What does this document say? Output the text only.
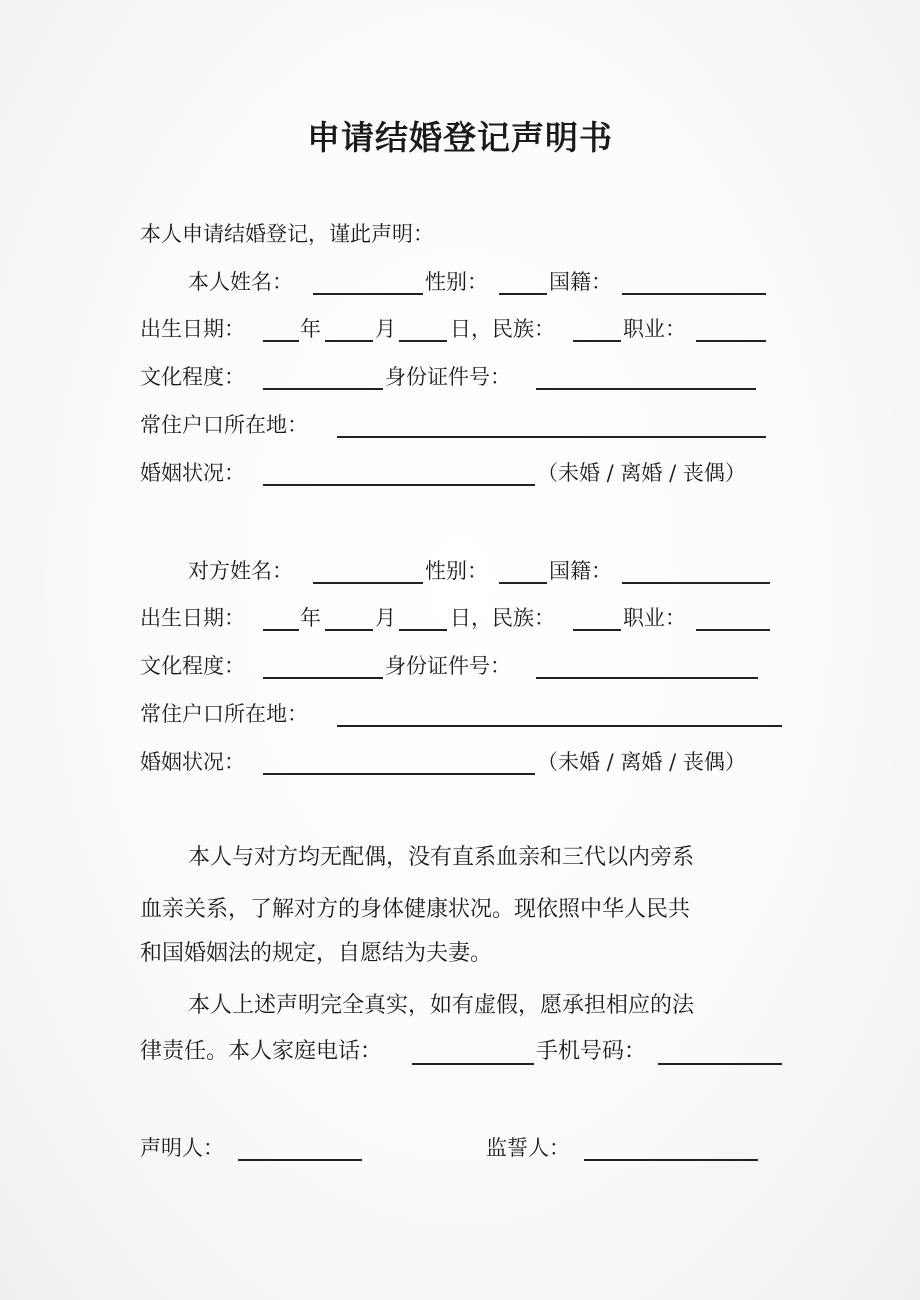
申请结婚登记声明书
本人申请结婚登记，谨此声明：
本人姓名：	性别：	国籍：
出生日期：	年	月	日，民族：	职业：
文化程度：	身份证件号：
常住户口所在地：
婚姻状况：	（未婚 / 离婚 / 丧偶）
对方姓名：	性别：	国籍：
出生日期：	年	月	日，民族：	职业：
文化程度：	身份证件号：
常住户口所在地：
婚姻状况：	（未婚 / 离婚 / 丧偶）
本人与对方均无配偶，没有直系血亲和三代以内旁系
血亲关系，了解对方的身体健康状况。现依照中华人民共
和国婚姻法的规定，自愿结为夫妻。
本人上述声明完全真实，如有虚假，愿承担相应的法
律责任。本人家庭电话：	手机号码：
声明人：	监誓人：
